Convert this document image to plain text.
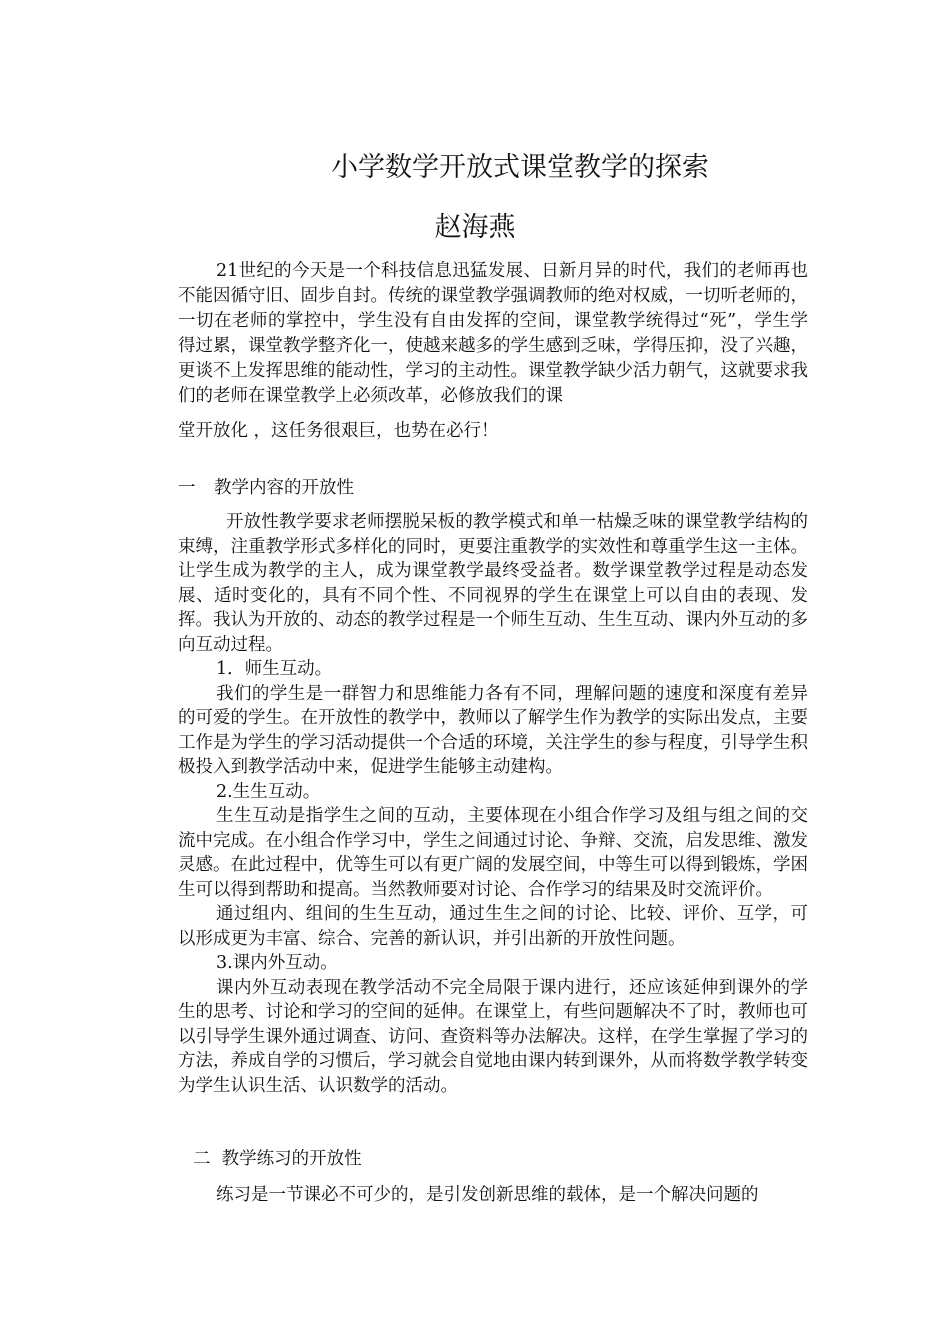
小学数学开放式课堂教学的探索
赵海燕

21世纪的今天是一个科技信息迅猛发展、日新月异的时代，我们的老师再也不能因循守旧、固步自封。传统的课堂教学强调教师的绝对权威，一切听老师的，一切在老师的掌控中，学生没有自由发挥的空间，课堂教学统得过“死”，学生学得过累，课堂教学整齐化一，使越来越多的学生感到乏味，学得压抑，没了兴趣，更谈不上发挥思维的能动性，学习的主动性。课堂教学缺少活力朝气，这就要求我们的老师在课堂教学上必须改革，必修放我们的课

堂开放化 ，这任务很艰巨，也势在必行！

一 教学内容的开放性

开放性教学要求老师摆脱呆板的教学模式和单一枯燥乏味的课堂教学结构的束缚，注重教学形式多样化的同时，更要注重教学的实效性和尊重学生这一主体。让学生成为教学的主人，成为课堂教学最终受益者。数学课堂教学过程是动态发展、适时变化的，具有不同个性、不同视界的学生在课堂上可以自由的表现、发挥。我认为开放的、动态的教学过程是一个师生互动、生生互动、课内外互动的多向互动过程。

1．师生互动。

我们的学生是一群智力和思维能力各有不同，理解问题的速度和深度有差异的可爱的学生。在开放性的教学中，教师以了解学生作为教学的实际出发点，主要工作是为学生的学习活动提供一个合适的环境，关注学生的参与程度，引导学生积极投入到教学活动中来，促进学生能够主动建构。

2.生生互动。

生生互动是指学生之间的互动，主要体现在小组合作学习及组与组之间的交流中完成。在小组合作学习中，学生之间通过讨论、争辩、交流，启发思维、激发灵感。在此过程中，优等生可以有更广阔的发展空间，中等生可以得到锻炼，学困生可以得到帮助和提高。当然教师要对讨论、合作学习的结果及时交流评价。

通过组内、组间的生生互动，通过生生之间的讨论、比较、评价、互学，可以形成更为丰富、综合、完善的新认识，并引出新的开放性问题。

3.课内外互动。

课内外互动表现在教学活动不完全局限于课内进行，还应该延伸到课外的学生的思考、讨论和学习的空间的延伸。在课堂上，有些问题解决不了时，教师也可以引导学生课外通过调查、访问、查资料等办法解决。这样，在学生掌握了学习的方法，养成自学的习惯后，学习就会自觉地由课内转到课外，从而将数学教学转变为学生认识生活、认识数学的活动。

二 教学练习的开放性

练习是一节课必不可少的，是引发创新思维的载体，是一个解决问题的
